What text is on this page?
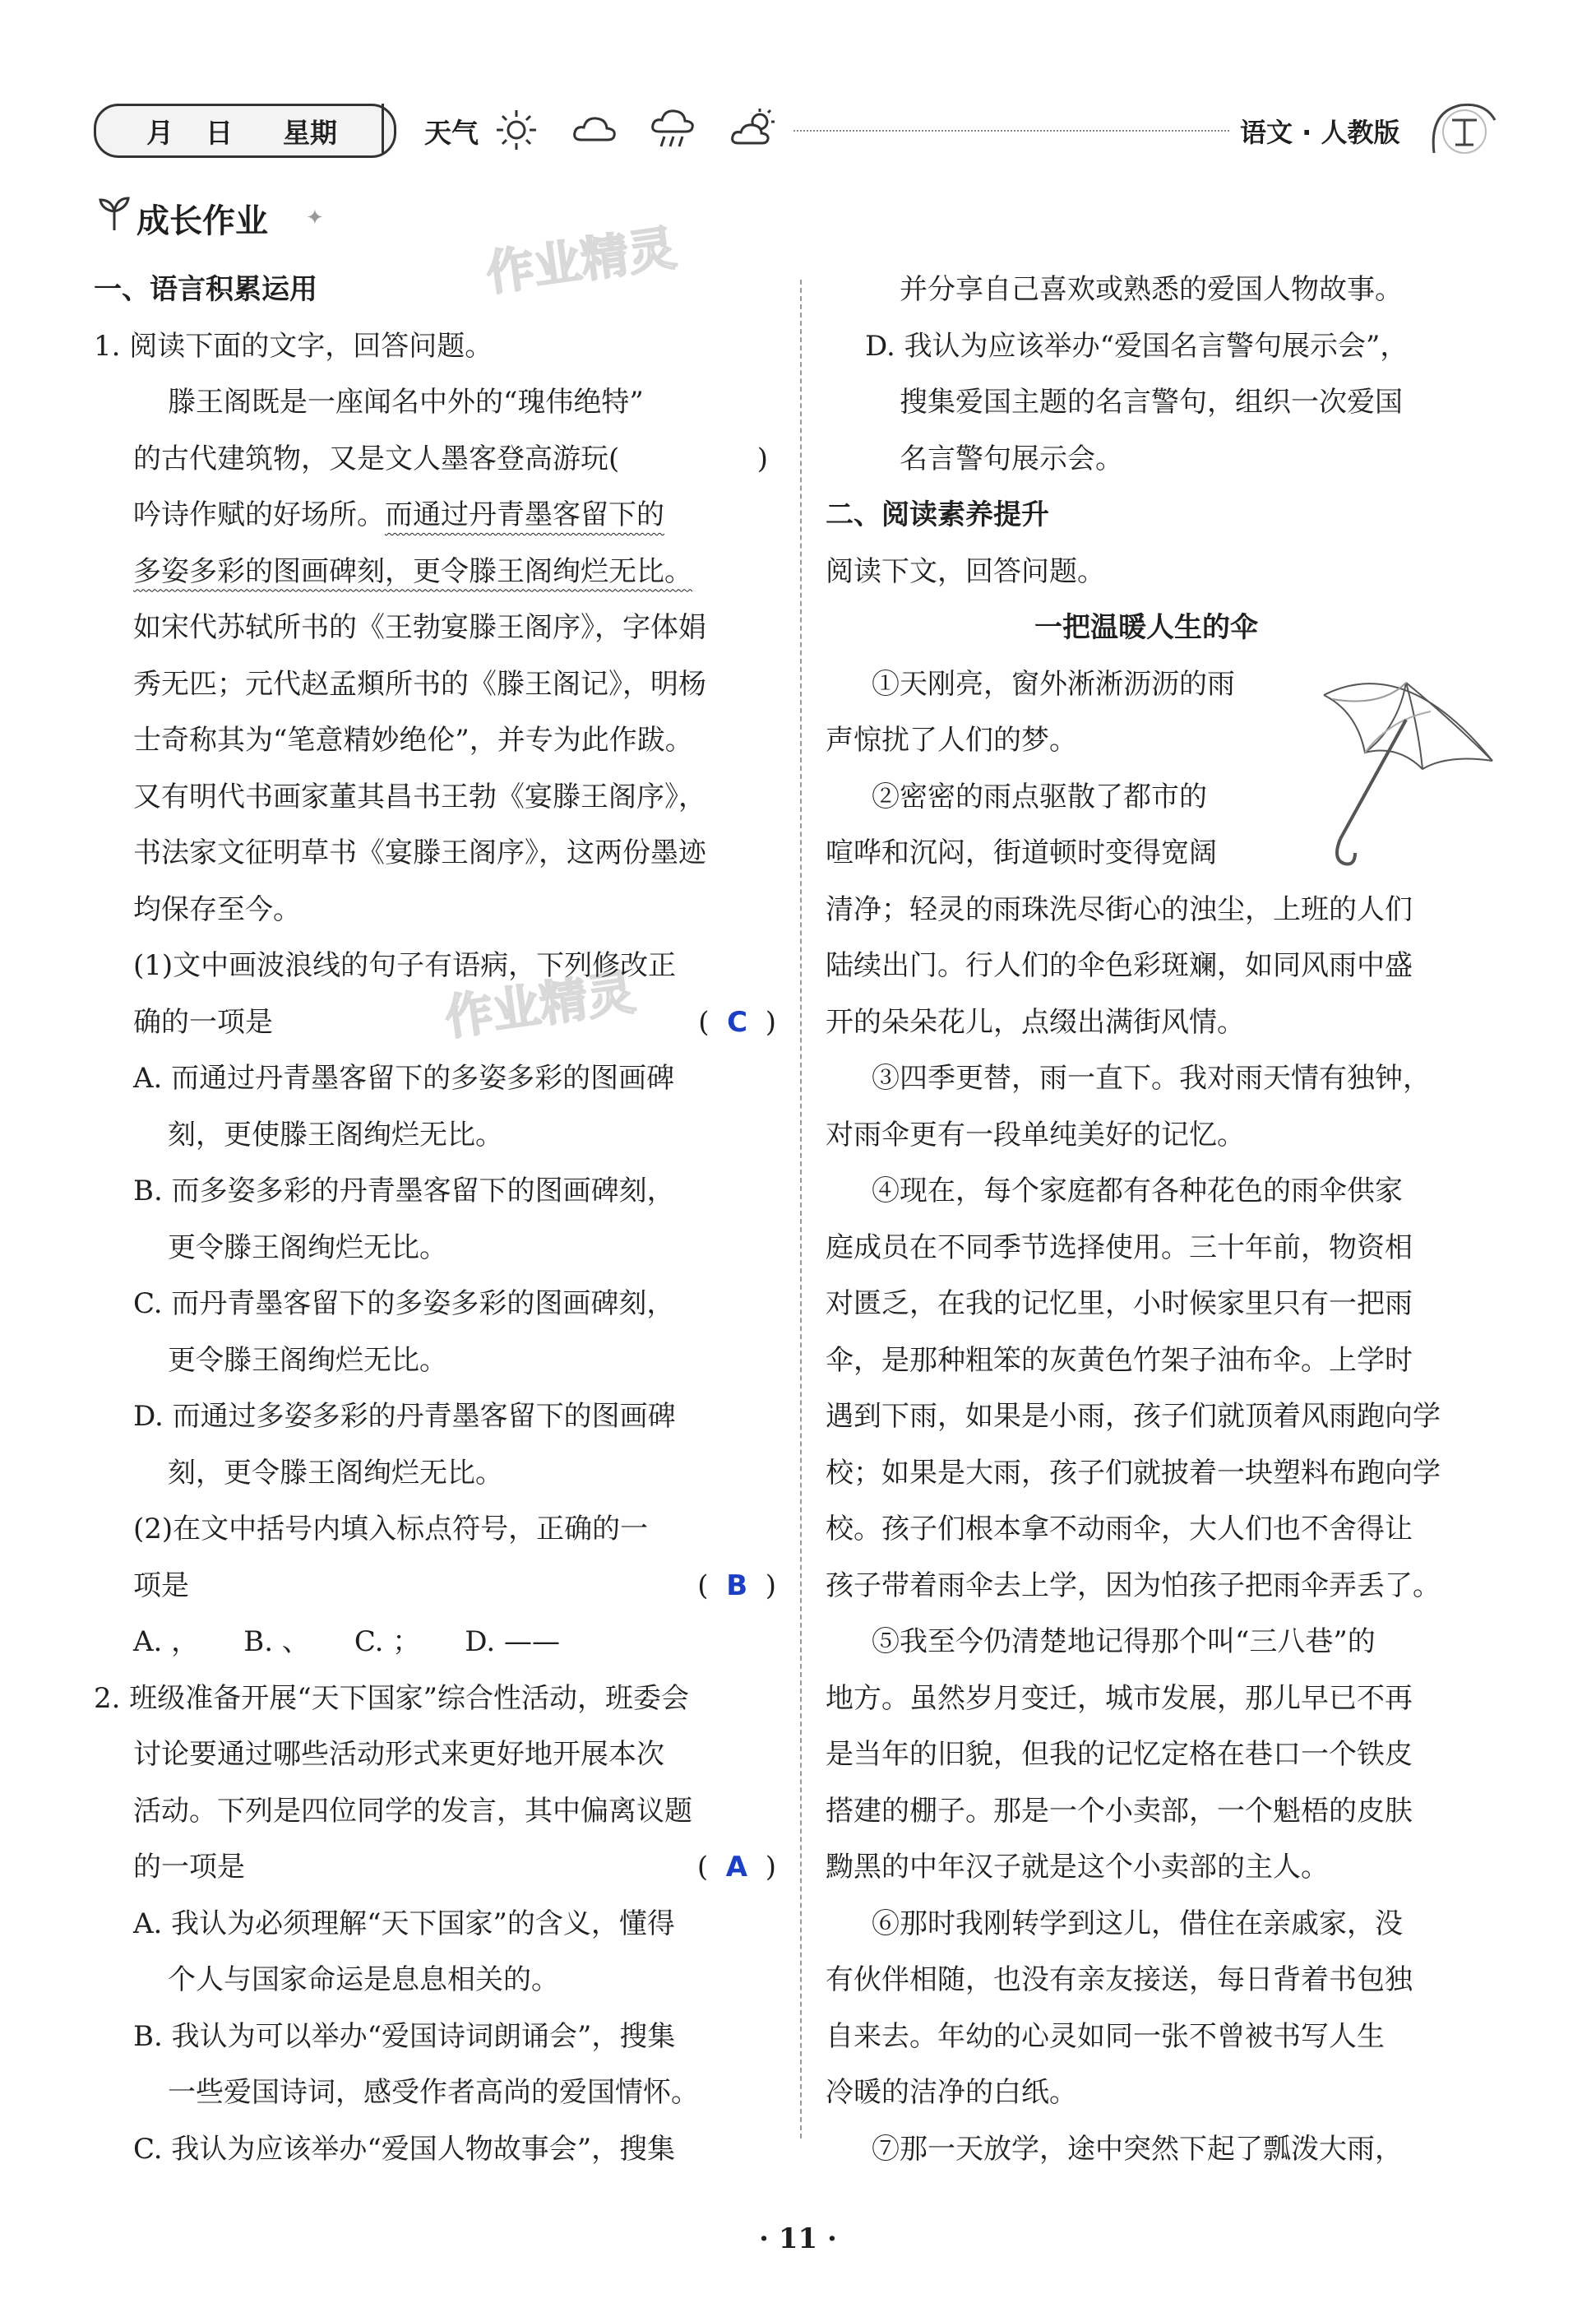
月 日 星期	天气	语文 · 人教版
成长作业 ✦
作业精灵
作业精灵

一、语言积累运用

1. 阅读下面的文字，回答问题。

滕王阁既是一座闻名中外的“瑰伟绝特”

的古代建筑物，又是文人墨客登高游玩(	)

吟诗作赋的好场所。而通过丹青墨客留下的

多姿多彩的图画碑刻，更令滕王阁绚烂无比。

如宋代苏轼所书的《王勃宴滕王阁序》，字体娟

秀无匹；元代赵孟頫所书的《滕王阁记》，明杨

士奇称其为“笔意精妙绝伦”，并专为此作跋。

又有明代书画家董其昌书王勃《宴滕王阁序》，

书法家文征明草书《宴滕王阁序》，这两份墨迹

均保存至今。

(1)文中画波浪线的句子有语病，下列修改正

确的一项是	(  C  )

A. 而通过丹青墨客留下的多姿多彩的图画碑

刻，更使滕王阁绚烂无比。

B. 而多姿多彩的丹青墨客留下的图画碑刻，

更令滕王阁绚烂无比。

C. 而丹青墨客留下的多姿多彩的图画碑刻，

更令滕王阁绚烂无比。

D. 而通过多姿多彩的丹青墨客留下的图画碑

刻，更令滕王阁绚烂无比。

(2)在文中括号内填入标点符号，正确的一

项是	(  B  )

A. ，     B. 、     C. ；     D. ——

2. 班级准备开展“天下国家”综合性活动，班委会

讨论要通过哪些活动形式来更好地开展本次

活动。下列是四位同学的发言，其中偏离议题

的一项是	(  A  )

A. 我认为必须理解“天下国家”的含义，懂得

个人与国家命运是息息相关的。

B. 我认为可以举办“爱国诗词朗诵会”，搜集

一些爱国诗词，感受作者高尚的爱国情怀。

C. 我认为应该举办“爱国人物故事会”，搜集

并分享自己喜欢或熟悉的爱国人物故事。

D. 我认为应该举办“爱国名言警句展示会”，

搜集爱国主题的名言警句，组织一次爱国

名言警句展示会。

二、阅读素养提升

阅读下文，回答问题。

一把温暖人生的伞

①天刚亮，窗外淅淅沥沥的雨

声惊扰了人们的梦。

②密密的雨点驱散了都市的

喧哗和沉闷，街道顿时变得宽阔

清净；轻灵的雨珠洗尽街心的浊尘，上班的人们

陆续出门。行人们的伞色彩斑斓，如同风雨中盛

开的朵朵花儿，点缀出满街风情。

③四季更替，雨一直下。我对雨天情有独钟，

对雨伞更有一段单纯美好的记忆。

④现在，每个家庭都有各种花色的雨伞供家

庭成员在不同季节选择使用。三十年前，物资相

对匮乏，在我的记忆里，小时候家里只有一把雨

伞，是那种粗笨的灰黄色竹架子油布伞。上学时

遇到下雨，如果是小雨，孩子们就顶着风雨跑向学

校；如果是大雨，孩子们就披着一块塑料布跑向学

校。孩子们根本拿不动雨伞，大人们也不舍得让

孩子带着雨伞去上学，因为怕孩子把雨伞弄丢了。

⑤我至今仍清楚地记得那个叫“三八巷”的

地方。虽然岁月变迁，城市发展，那儿早已不再

是当年的旧貌，但我的记忆定格在巷口一个铁皮

搭建的棚子。那是一个小卖部，一个魁梧的皮肤

黝黑的中年汉子就是这个小卖部的主人。

⑥那时我刚转学到这儿，借住在亲戚家，没

有伙伴相随，也没有亲友接送，每日背着书包独

自来去。年幼的心灵如同一张不曾被书写人生

冷暖的洁净的白纸。

⑦那一天放学，途中突然下起了瓢泼大雨，

· 11 ·
